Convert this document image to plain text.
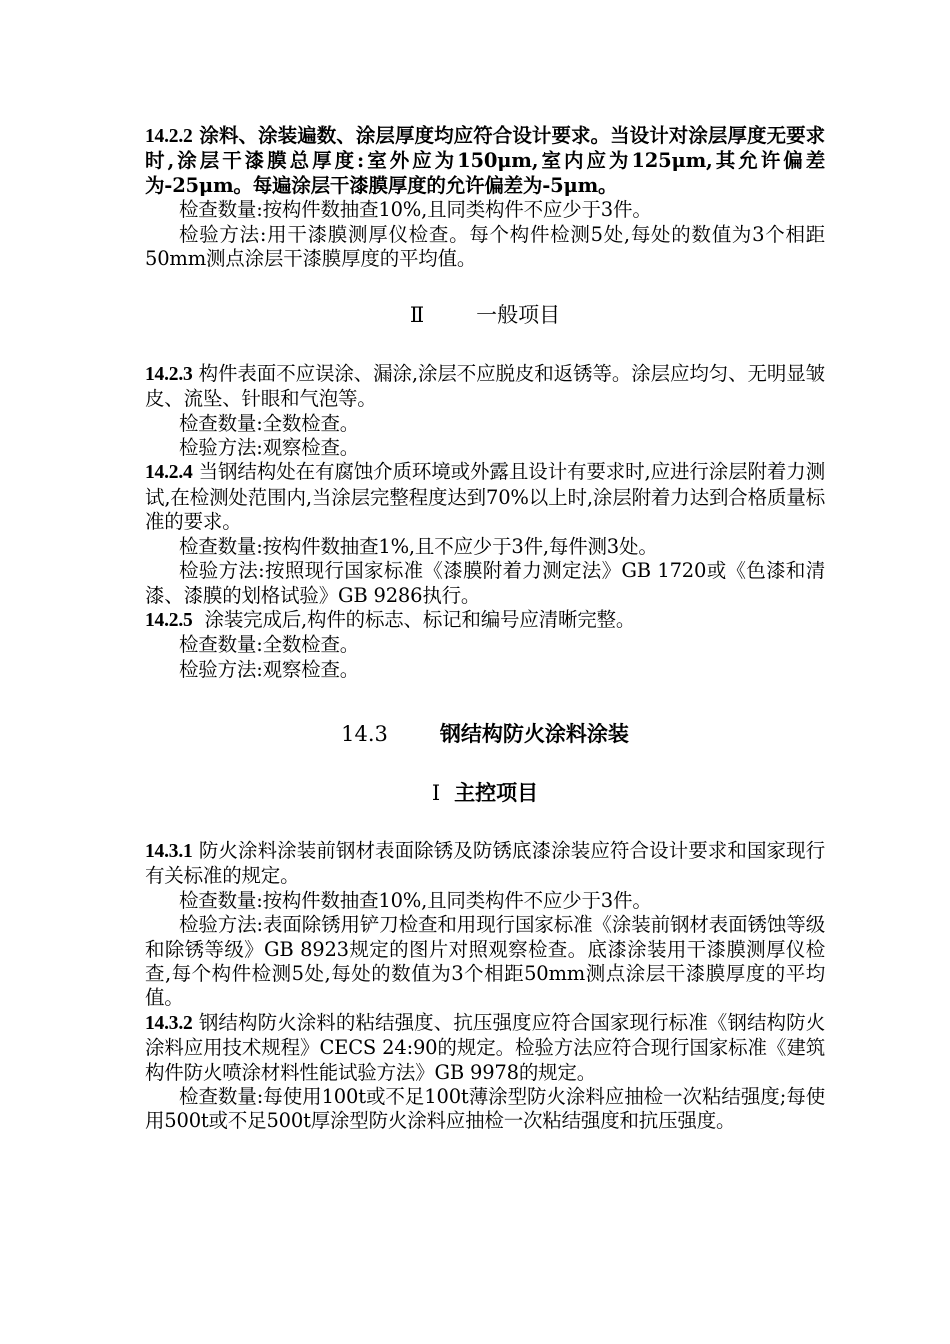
14.2.2 涂料、涂装遍数、涂层厚度均应符合设计要求。当设计对涂层厚度无要求时,涂层干漆膜总厚度:室外应为150μm,室内应为125μm,其允许偏差为-25μm。每遍涂层干漆膜厚度的允许偏差为-5μm。

检查数量:按构件数抽查10%,且同类构件不应少于3件。

检验方法:用干漆膜测厚仪检查。每个构件检测5处,每处的数值为3个相距50mm测点涂层干漆膜厚度的平均值。

Ⅱ 一般项目

14.2.3 构件表面不应误涂、漏涂,涂层不应脱皮和返锈等。涂层应均匀、无明显皱皮、流坠、针眼和气泡等。

检查数量:全数检查。

检验方法:观察检查。

14.2.4 当钢结构处在有腐蚀介质环境或外露且设计有要求时,应进行涂层附着力测试,在检测处范围内,当涂层完整程度达到70%以上时,涂层附着力达到合格质量标准的要求。

检查数量:按构件数抽查1%,且不应少于3件,每件测3处。

检验方法:按照现行国家标准《漆膜附着力测定法》GB 1720或《色漆和清漆、漆膜的划格试验》GB 9286执行。

14.2.5  涂装完成后,构件的标志、标记和编号应清晰完整。

检查数量:全数检查。

检验方法:观察检查。

14.3 钢结构防火涂料涂装

Ⅰ 主控项目

14.3.1 防火涂料涂装前钢材表面除锈及防锈底漆涂装应符合设计要求和国家现行有关标准的规定。

检查数量:按构件数抽查10%,且同类构件不应少于3件。

检验方法:表面除锈用铲刀检查和用现行国家标准《涂装前钢材表面锈蚀等级和除锈等级》GB 8923规定的图片对照观察检查。底漆涂装用干漆膜测厚仪检查,每个构件检测5处,每处的数值为3个相距50mm测点涂层干漆膜厚度的平均值。

14.3.2 钢结构防火涂料的粘结强度、抗压强度应符合国家现行标准《钢结构防火涂料应用技术规程》CECS 24:90的规定。检验方法应符合现行国家标准《建筑构件防火喷涂材料性能试验方法》GB 9978的规定。

检查数量:每使用100t或不足100t薄涂型防火涂料应抽检一次粘结强度;每使用500t或不足500t厚涂型防火涂料应抽检一次粘结强度和抗压强度。
